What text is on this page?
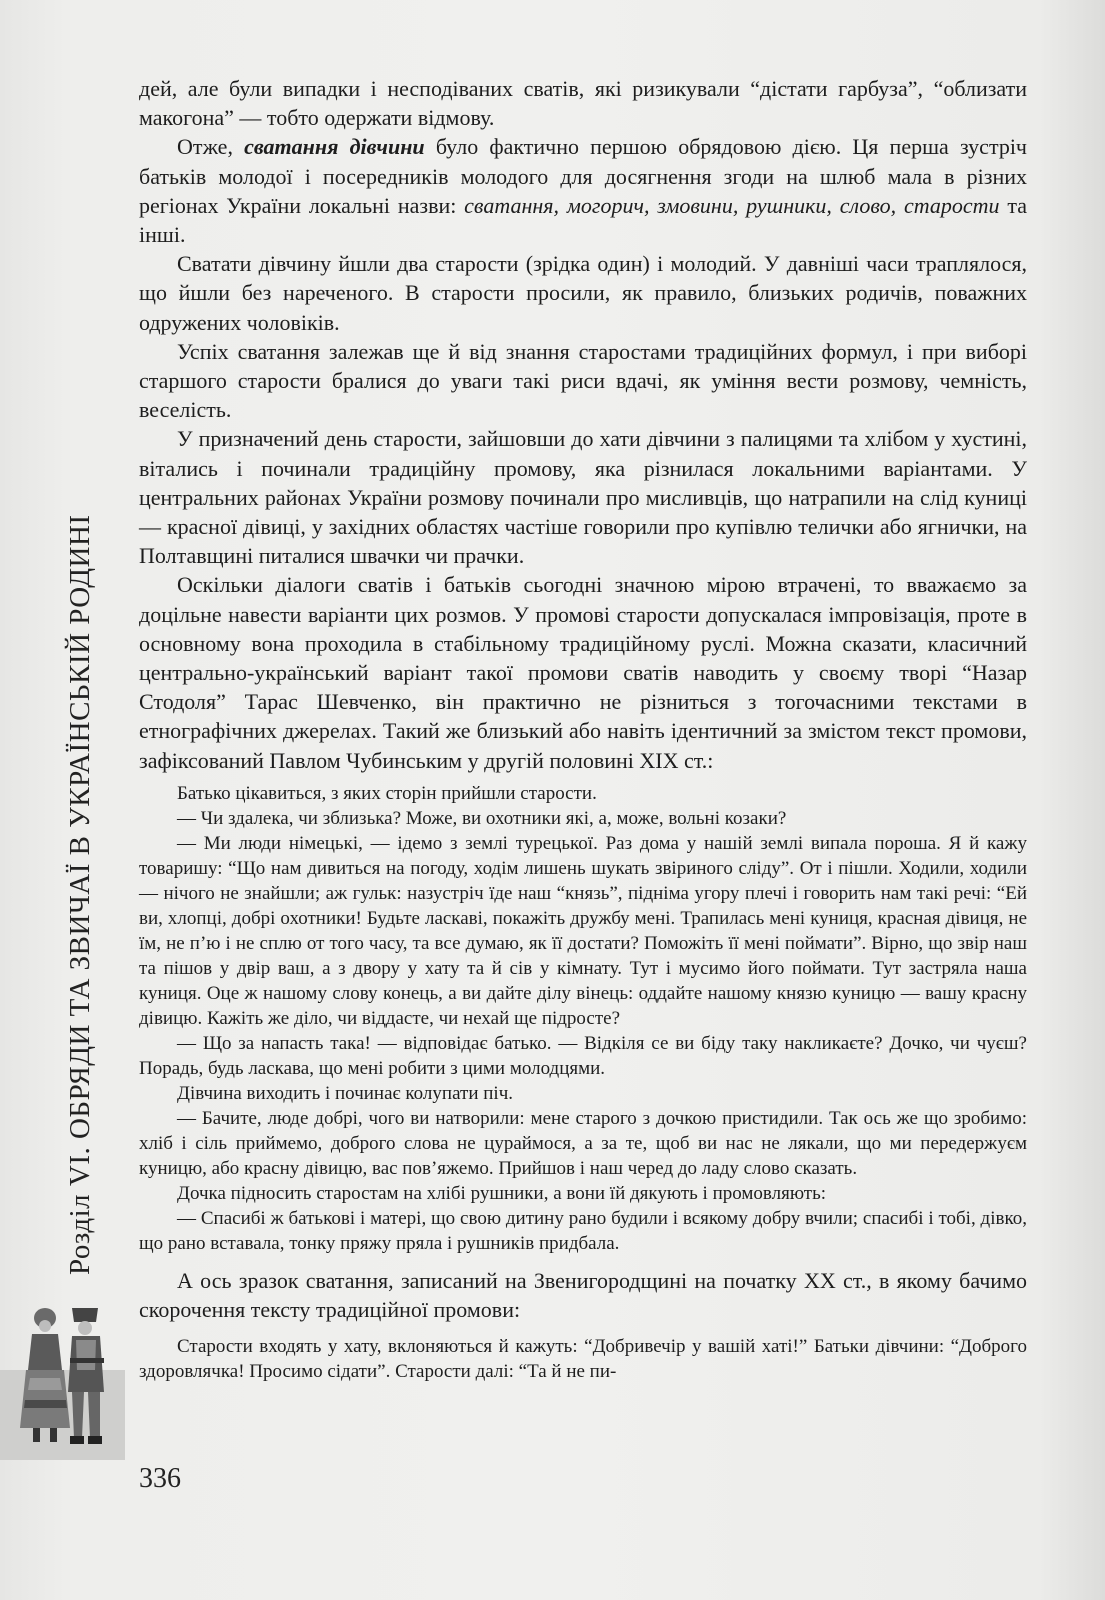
Розділ VI. ОБРЯДИ ТА ЗВИЧАЇ В УКРАЇНСЬКІЙ РОДИНІ

дей, але були випадки і несподіваних сватів, які ризикували “дістати гарбуза”, “облизати макогона” — тобто одержати відмову.

Отже, сватання дівчини було фактично першою обрядовою дією. Ця перша зустріч батьків молодої і посередників молодого для досягнення згоди на шлюб мала в різних регіонах України локальні назви: сватання, могорич, змовини, рушники, слово, старости та інші.

Сватати дівчину йшли два старости (зрідка один) і молодий. У давніші часи траплялося, що йшли без нареченого. В старости просили, як правило, близьких родичів, поважних одружених чоловіків.

Успіх сватання залежав ще й від знання старостами традиційних формул, і при виборі старшого старости бралися до уваги такі риси вдачі, як уміння вести розмову, чемність, веселість.

У призначений день старости, зайшовши до хати дівчини з палицями та хлібом у хустині, віталиcь і починали традиційну промову, яка різнилася локальними варіантами. У центральних районах України розмову починали про мисливців, що натрапили на слід куниці — красної дівиці, у західних областях частіше говорили про купівлю телички або ягнички, на Полтавщині питалися швачки чи прачки.

Оскільки діалоги сватів і батьків сьогодні значною мірою втрачені, то вважаємо за доцільне навести варіанти цих розмов. У промові старости допускалася імпровізація, проте в основному вона проходила в стабільному традиційному руслі. Можна сказати, класичний центрально-український варіант такої промови сватів наводить у своєму творі “Назар Стодоля” Тарас Шевченко, він практично не різниться з тогочасними текстами в етнографічних джерелах. Такий же близький або навіть ідентичний за змістом текст промови, зафіксований Павлом Чубинським у другій половині XIX ст.:

Батько цікавиться, з яких сторін прийшли старости.

— Чи здалека, чи зблизька? Може, ви охотники які, а, може, вольні козаки?

— Ми люди німецькі, — ідемо з землі турецької. Раз дома у нашій землі випала пороша. Я й кажу товаришу: “Що нам дивиться на погоду, ходім лишень шукать звіриного сліду”. От і пішли. Ходили, ходили — нічого не знайшли; аж гульк: назустріч їде наш “князь”, підніма угору плечі і говорить нам такі речі: “Ей ви, хлопці, добрі охотники! Будьте ласкаві, покажіть дружбу мені. Трапилась мені куниця, красная дівиця, не їм, не п’ю і не сплю от того часу, та все думаю, як її достати? Поможіть її мені поймати”. Вірно, що звір наш та пішов у двір ваш, а з двору у хату та й сів у кімнату. Тут і мусимо його поймати. Тут застряла наша куниця. Оце ж нашому слову конець, а ви дайте ділу вінець: оддайте нашому князю куницю — вашу красну дівицю. Кажіть же діло, чи віддасте, чи нехай ще підросте?

— Що за напасть така! — відповідає батько. — Відкіля се ви біду таку накликаєте? Дочко, чи чуєш? Порадь, будь ласкава, що мені робити з цими молодцями.

Дівчина виходить і починає колупати піч.

— Бачите, люде добрі, чого ви натворили: мене старого з дочкою пристидили. Так ось же що зробимо: хліб і сіль приймемо, доброго слова не цураймося, а за те, щоб ви нас не лякали, що ми передержуєм куницю, або красну дівицю, вас пов’яжемо. Прийшов і наш черед до ладу слово сказать.

Дочка підносить старостам на хлібі рушники, а вони їй дякують і промовляють:

— Спасибі ж батькові і матері, що свою дитину рано будили і всякому добру вчили; спасибі і тобі, дівко, що рано вставала, тонку пряжу пряла і рушників придбала.

А ось зразок сватання, записаний на Звенигородщині на початку XX ст., в якому бачимо скорочення тексту традиційної промови:

Старости входять у хату, вклоняються й кажуть: “Добривечір у вашій хаті!” Батьки дівчини: “Доброго здоровлячка! Просимо сідати”. Старости далі: “Та й не пи-

336
